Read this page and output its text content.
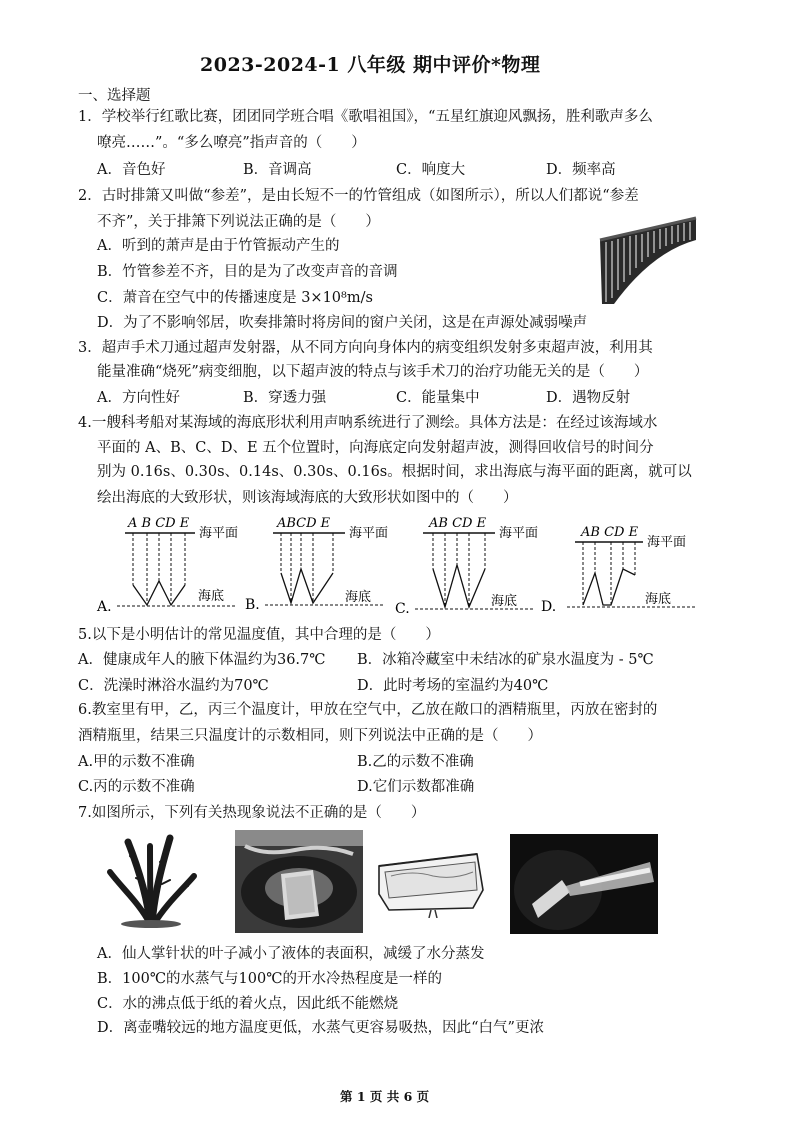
2023-2024-1 八年级 期中评价*物理
一、选择题
1．学校举行红歌比赛，团团同学班合唱《歌唱祖国》，“五星红旗迎风飘扬，胜利歌声多么
嘹亮……”。“多么嘹亮”指声音的（　　）
A．音色好	B．音调高	C．响度大	D．频率高
2．古时排箫又叫做“参差”，是由长短不一的竹管组成（如图所示），所以人们都说“参差
不齐”，关于排箫下列说法正确的是（　　）
A．听到的萧声是由于竹管振动产生的
B．竹管参差不齐，目的是为了改变声音的音调
C．萧音在空气中的传播速度是 3×10⁸m/s
D．为了不影响邻居，吹奏排箫时将房间的窗户关闭，这是在声源处减弱噪声
3．超声手术刀通过超声发射器，从不同方向向身体内的病变组织发射多束超声波，利用其
能量准确“烧死”病变细胞，以下超声波的特点与该手术刀的治疗功能无关的是（　　）
A．方向性好	B．穿透力强	C．能量集中	D．遇物反射
4.一艘科考船对某海域的海底形状利用声呐系统进行了测绘。具体方法是：在经过该海域水
平面的 A、B、C、D、E 五个位置时，向海底定向发射超声波，测得回收信号的时间分
别为 0.16s、0.30s、0.14s、0.30s、0.16s。根据时间，求出海底与海平面的距离，就可以
绘出海底的大致形状，则该海域海底的大致形状如图中的（　　）
A B CD E
海平面
海底
A.
ABCD E
海平面
海底
B.
AB CD E
海平面
海底
C.
AB CD E
海平面
海底
D.
5.以下是小明估计的常见温度值，其中合理的是（　　）
A．健康成年人的腋下体温约为36.7℃ B．冰箱冷藏室中未结冰的矿泉水温度为 - 5℃
C．洗澡时淋浴水温约为70℃	D．此时考场的室温约为40℃
6.教室里有甲，乙，丙三个温度计，甲放在空气中，乙放在敞口的酒精瓶里，丙放在密封的
酒精瓶里，结果三只温度计的示数相同，则下列说法中正确的是（　　）
A.甲的示数不准确	B.乙的示数不准确
C.丙的示数不准确	D.它们示数都准确
7.如图所示，下列有关热现象说法不正确的是（　　）
A．仙人掌针状的叶子减小了液体的表面积，减缓了水分蒸发
B．100℃的水蒸气与100℃的开水冷热程度是一样的
C．水的沸点低于纸的着火点，因此纸不能燃烧
D．离壶嘴较远的地方温度更低，水蒸气更容易吸热，因此“白气”更浓
第 1 页 共 6 页
